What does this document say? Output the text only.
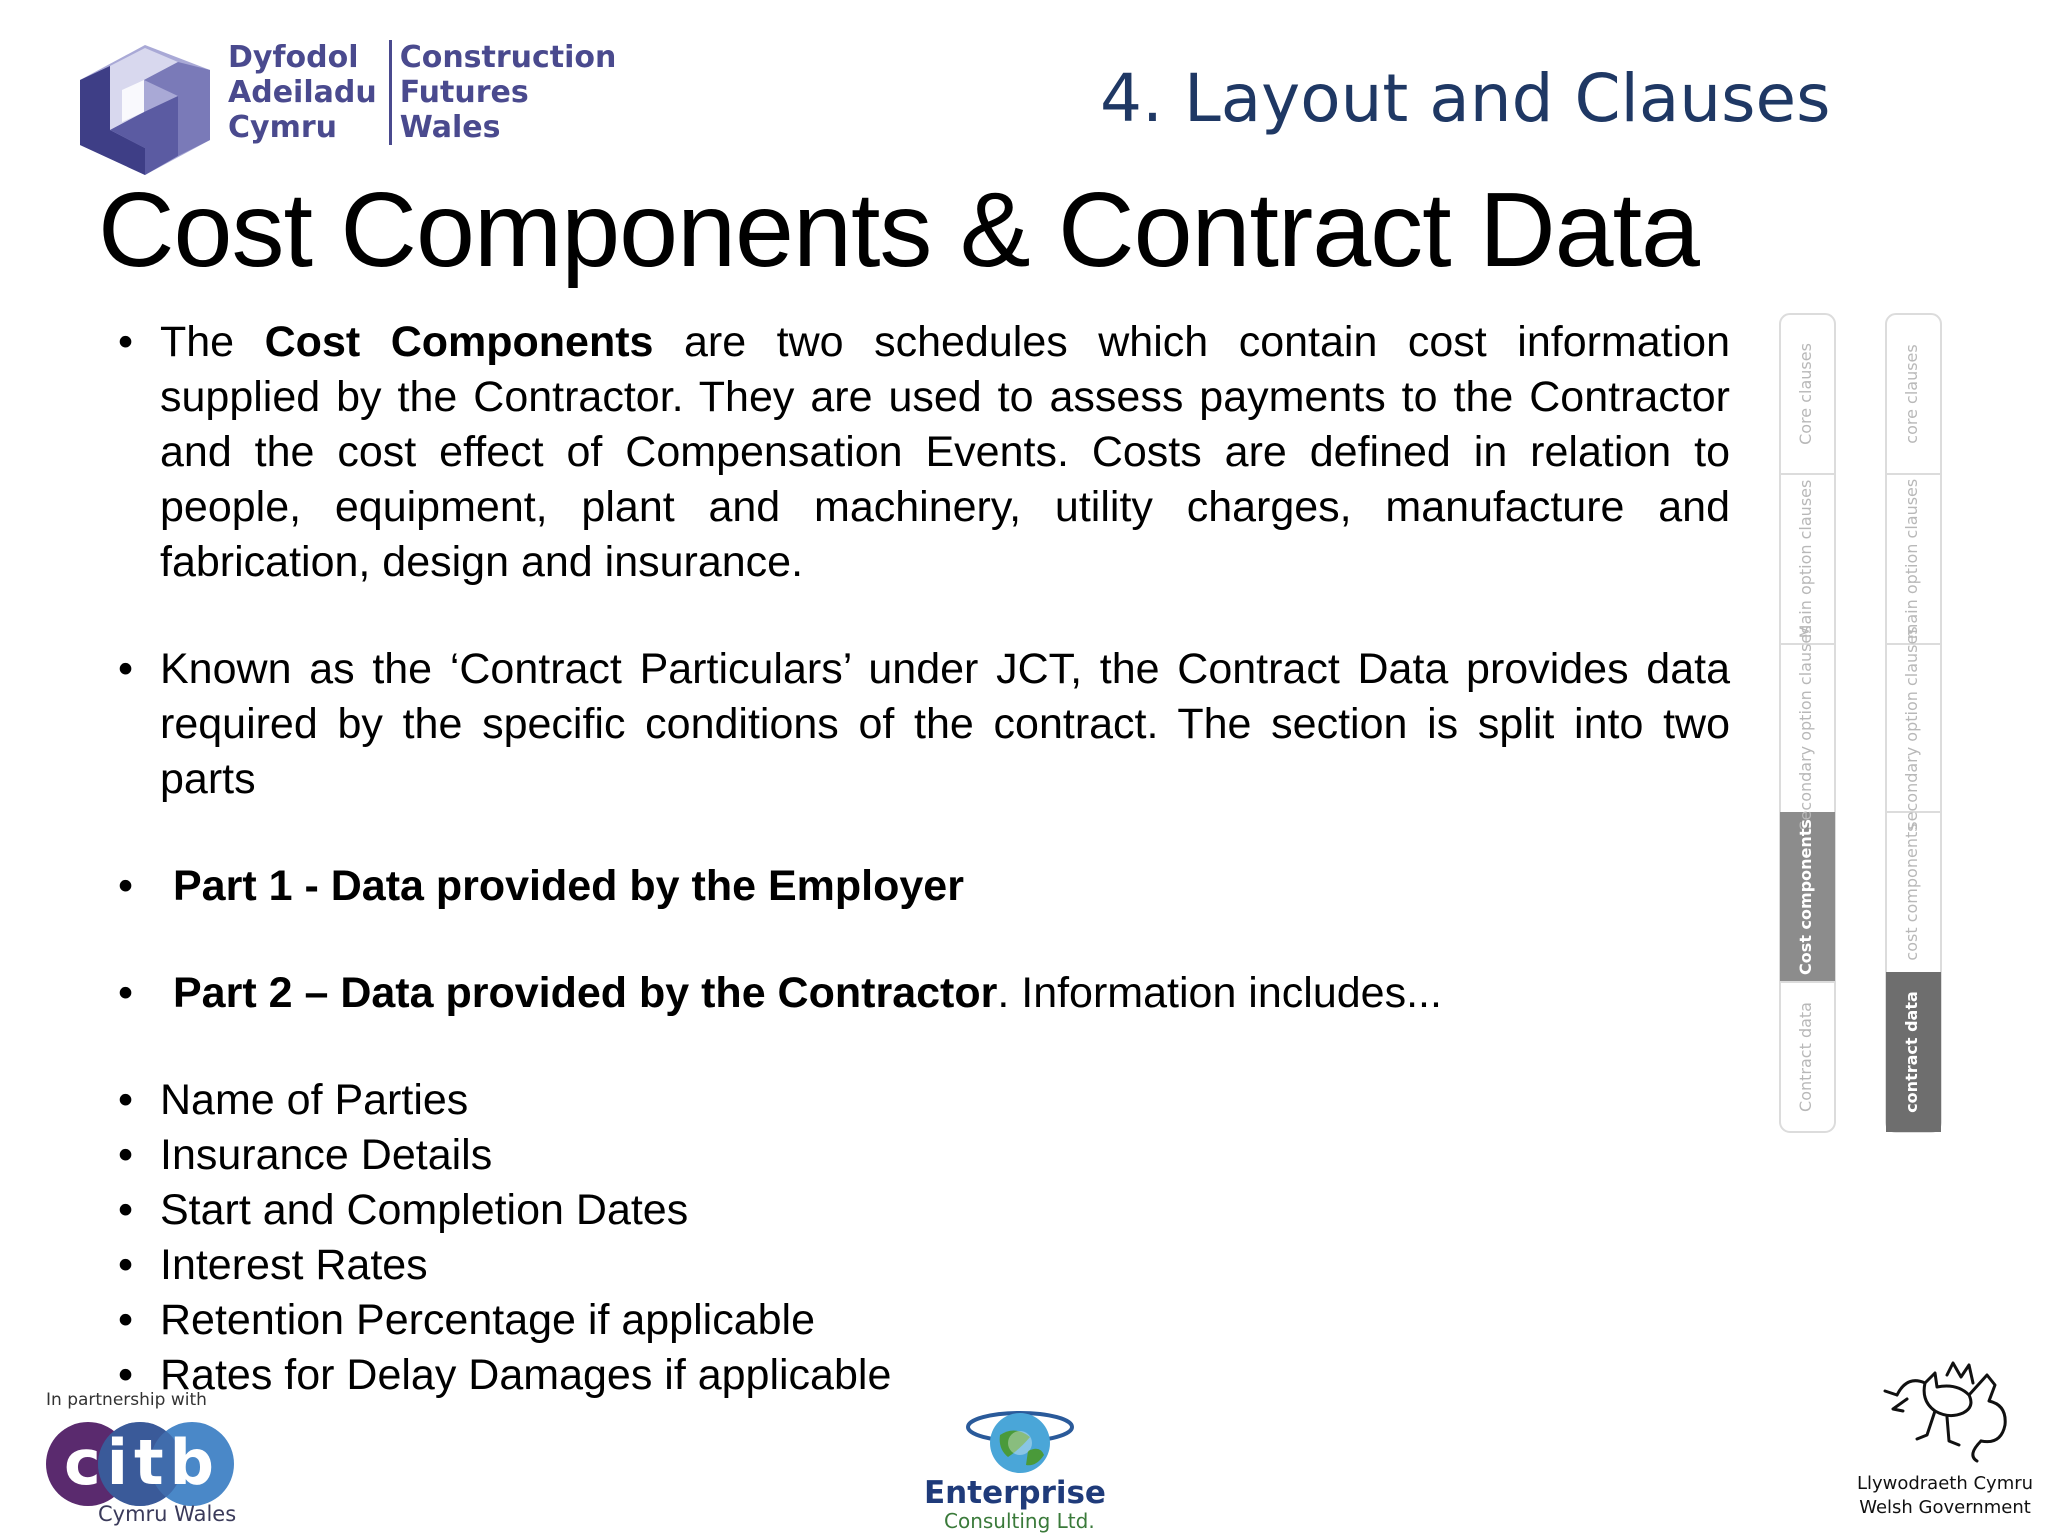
Dyfodol
Adeiladu
Cymru
Construction
Futures
Wales	4. Layout and Clauses
Cost Components & Contract Data
• The Cost Components are two schedules which contain cost information supplied by the Contractor. They are used to assess payments to the Contractor and the cost effect of Compensation Events. Costs are defined in relation to people, equipment, plant and machinery, utility charges, manufacture and fabrication, design and insurance.
• Known as the ‘Contract Particulars’ under JCT, the Contract Data provides data required by the specific conditions of the contract. The section is split into two parts
• Part 1 - Data provided by the Employer
• Part 2 – Data provided by the Contractor. Information includes...
• Name of Parties
• Insurance Details
• Start and Completion Dates
• Interest Rates
• Retention Percentage if applicable
• Rates for Delay Damages if applicable
Core clauses
Main option clauses
Secondary option clauses
Cost components
Contract data
core clauses
main option clauses
secondary option clauses
cost components
contract data
In partnership with
citb
Cymru Wales
Enterprise
Consulting Ltd.
Llywodraeth Cymru
Welsh Government
